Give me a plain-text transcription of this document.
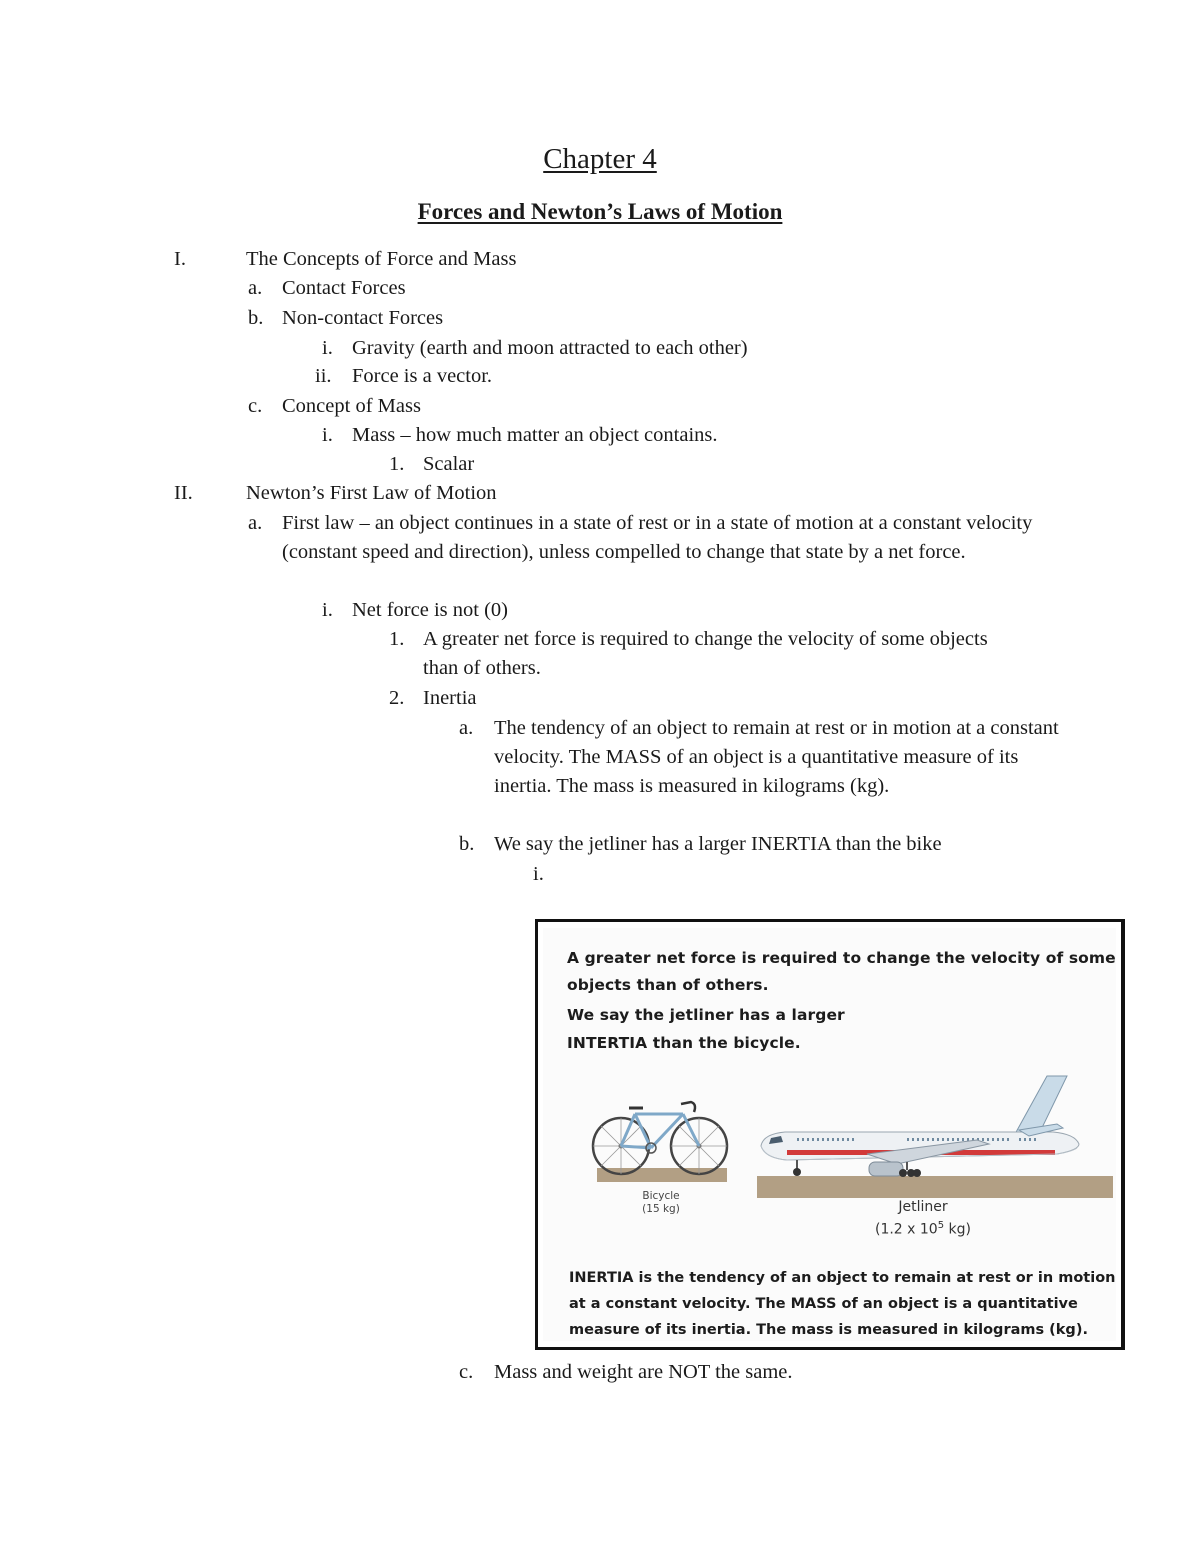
Chapter 4
Forces and Newton’s Laws of Motion
I.	The Concepts of Force and Mass
a. Contact Forces
b. Non-contact Forces
i. Gravity (earth and moon attracted to each other)
ii. Force is a vector.
c. Concept of Mass
i. Mass – how much matter an object contains.
1. Scalar
II.	Newton’s First Law of Motion
a. First law – an object continues in a state of rest or in a state of motion at a constant velocity (constant speed and direction), unless compelled to change that state by a net force.
i. Net force is not (0)
1. A greater net force is required to change the velocity of some objects than of others.
2. Inertia
a. The tendency of an object to remain at rest or in motion at a constant velocity. The MASS of an object is a quantitative measure of its inertia. The mass is measured in kilograms (kg).
b. We say the jetliner has a larger INERTIA than the bike
i.
A greater net force is required to change the velocity of some
objects than of others.
We say the jetliner has a larger
INTERTIA than the bicycle.
Bicycle
(15 kg)	Jetliner
(1.2 x $10^5$ kg)
INERTIA is the tendency of an object to remain at rest or in motion
at a constant velocity. The MASS of an object is a quantitative
measure of its inertia. The mass is measured in kilograms (kg).
c. Mass and weight are NOT the same.
